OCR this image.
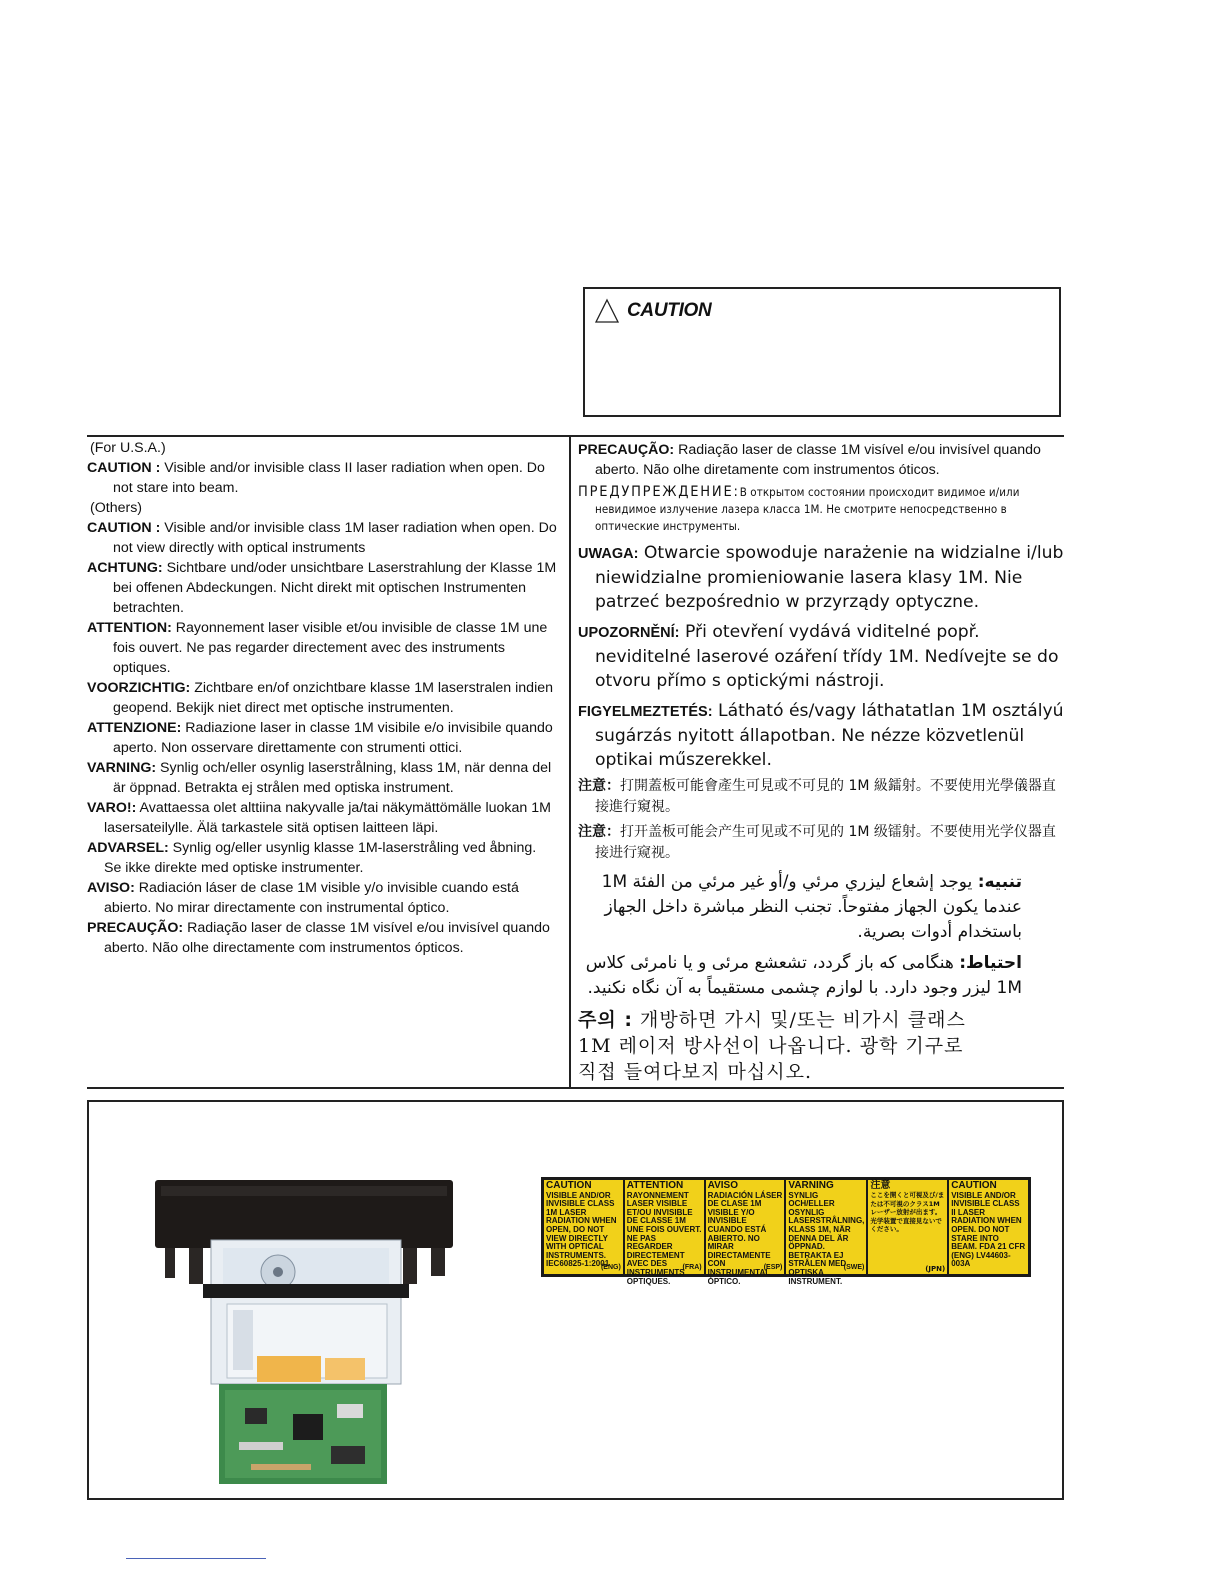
CAUTION
(For U.S.A.)
CAUTION : Visible and/or invisible class II laser radiation when open. Do not stare into beam.
(Others)
CAUTION : Visible and/or invisible class 1M laser radiation when open. Do not view directly with optical instruments
ACHTUNG: Sichtbare und/oder unsichtbare Laserstrahlung der Klasse 1M bei offenen Abdeckungen. Nicht direkt mit optischen Instrumenten betrachten.
ATTENTION: Rayonnement laser visible et/ou invisible de classe 1M une fois ouvert. Ne pas regarder directement avec des instruments optiques.
VOORZICHTIG: Zichtbare en/of onzichtbare klasse 1M laserstralen indien geopend. Bekijk niet direct met optische instrumenten.
ATTENZIONE: Radiazione laser in classe 1M visibile e/o invisibile quando aperto. Non osservare direttamente con strumenti ottici.
VARNING: Synlig och/eller osynlig laserstrålning, klass 1M, när denna del är öppnad. Betrakta ej strålen med optiska instrument.
VARO!: Avattaessa olet alttiina nakyvalle ja/tai näkymättömälle luokan 1M lasersateilylle. Älä tarkastele sitä optisen laitteen läpi.
ADVARSEL: Synlig og/eller usynlig klasse 1M-laserstråling ved åbning. Se ikke direkte med optiske instrumenter.
AVISO: Radiación láser de clase 1M visible y/o invisible cuando está abierto. No mirar directamente con instrumental óptico.
PRECAUÇÃO: Radiação laser de classe 1M visível e/ou invisível quando aberto. Não olhe directamente com instrumentos ópticos.
PRECAUÇÃO: Radiação laser de classe 1M visível e/ou invisível quando aberto. Não olhe diretamente com instrumentos óticos.
ПРЕДУПРЕЖДЕНИЕ:В открытом состоянии происходит видимое и/или невидимое излучение лазера класса 1M. Не смотрите непосредственно в оптические инструменты.
UWAGA: Otwarcie spowoduje narażenie na widzialne i/lub niewidzialne promieniowanie lasera klasy 1M. Nie patrzeć bezpośrednio w przyrządy optyczne.
UPOZORNĚNÍ: Při otevření vydává viditelné popř. neviditelné laserové ozáření třídy 1M. Nedívejte se do otvoru přímo s optickými nástroji.
FIGYELMEZTETÉS: Látható és/vagy láthatatlan 1M osztályú sugárzás nyitott állapotban. Ne nézze közvetlenül optikai műszerekkel.
注意：打開蓋板可能會產生可見或不可見的 1M 級鐳射。不要使用光學儀器直接進行窺視。
注意：打开盖板可能会产生可见或不可见的 1M 级镭射。不要使用光学仪器直接进行窥视。
تنبيه: يوجد إشعاع ليزري مرئي و/أو غير مرئي من الفئة 1M عندما يكون الجهاز مفتوحاً. تجنب النظر مباشرة داخل الجهاز باستخدام أدوات بصرية.
احتياط: هنگامی که باز گردد، تشعشع مرئی و یا نامرئی کلاس 1M لیزر وجود دارد. با لوازم چشمی مستقیماً به آن نگاه نکنید.
주의 : 개방하면 가시 및/또는 비가시 클래스 1M 레이저 방사선이 나옵니다. 광학 기구로 직접 들여다보지 마십시오.
CAUTION
VISIBLE AND/OR INVISIBLE CLASS 1M LASER RADIATION WHEN OPEN, DO NOT VIEW DIRECTLY WITH OPTICAL INSTRUMENTS. IEC60825-1:2001
(ENG)
ATTENTION
RAYONNEMENT LASER VISIBLE ET/OU INVISIBLE DE CLASSE 1M UNE FOIS OUVERT. NE PAS REGARDER DIRECTEMENT AVEC DES INSTRUMENTS OPTIQUES.
(FRA)
AVISO
RADIACIÓN LÁSER DE CLASE 1M VISIBLE Y/O INVISIBLE CUANDO ESTÁ ABIERTO. NO MIRAR DIRECTAMENTE CON INSTRUMENTAL ÓPTICO.
(ESP)
VARNING
SYNLIG OCH/ELLER OSYNLIG LASERSTRÅLNING, KLASS 1M, NÄR DENNA DEL ÄR ÖPPNAD. BETRAKTA EJ STRÅLEN MED OPTISKA INSTRUMENT.
(SWE)
注意
ここを開くと可視及び/または不可視のクラス1Mレーザー放射が出ます。光学装置で直接見ないでください。
(JPN)
CAUTION
VISIBLE AND/OR INVISIBLE CLASS II LASER RADIATION WHEN OPEN. DO NOT STARE INTO BEAM. FDA 21 CFR (ENG) LV44603-003A
